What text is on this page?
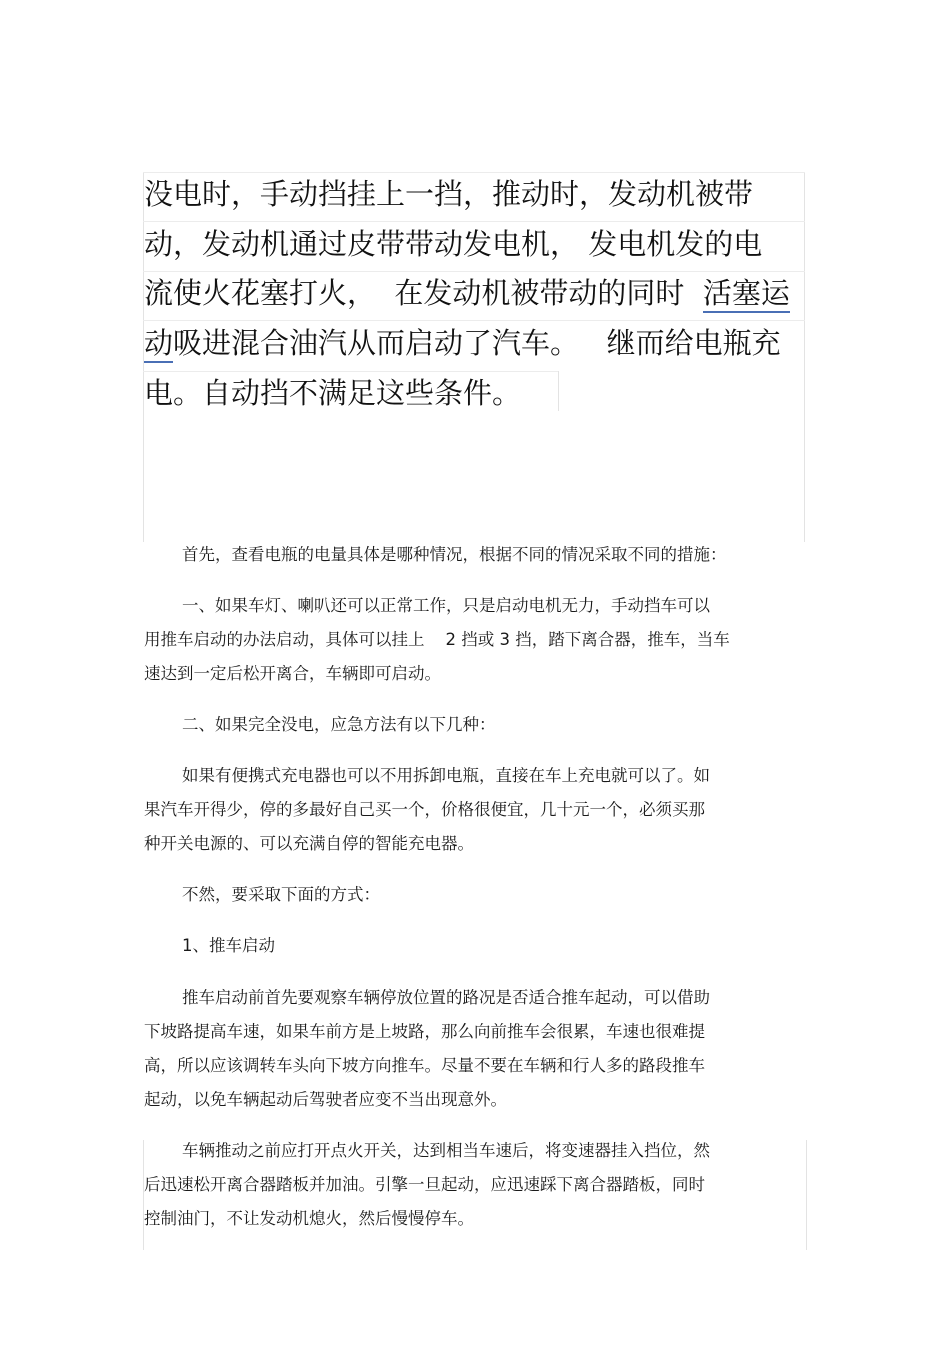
没电时，手动挡挂上一挡，推动时，发动机被带

动，发动机通过皮带带动发电机， 发电机发的电

流使火花塞打火，  在发动机被带动的同时  活塞运

动吸进混合油汽从而启动了汽车。   继而给电瓶充

电。自动挡不满足这些条件。

首先，查看电瓶的电量具体是哪种情况，根据不同的情况采取不同的措施：
一、如果车灯、喇叭还可以正常工作，只是启动电机无力，手动挡车可以
用推车启动的办法启动，具体可以挂上    2 挡或 3 挡，踏下离合器，推车，当车
速达到一定后松开离合，车辆即可启动。
二、如果完全没电，应急方法有以下几种：
如果有便携式充电器也可以不用拆卸电瓶，直接在车上充电就可以了。如
果汽车开得少，停的多最好自己买一个，价格很便宜，几十元一个，必须买那
种开关电源的、可以充满自停的智能充电器。
不然，要采取下面的方式：
1、推车启动
推车启动前首先要观察车辆停放位置的路况是否适合推车起动，可以借助
下坡路提高车速，如果车前方是上坡路，那么向前推车会很累，车速也很难提
高，所以应该调转车头向下坡方向推车。尽量不要在车辆和行人多的路段推车
起动，以免车辆起动后驾驶者应变不当出现意外。
车辆推动之前应打开点火开关，达到相当车速后，将变速器挂入挡位，然
后迅速松开离合器踏板并加油。引擎一旦起动，应迅速踩下离合器踏板，同时
控制油门，不让发动机熄火，然后慢慢停车。
